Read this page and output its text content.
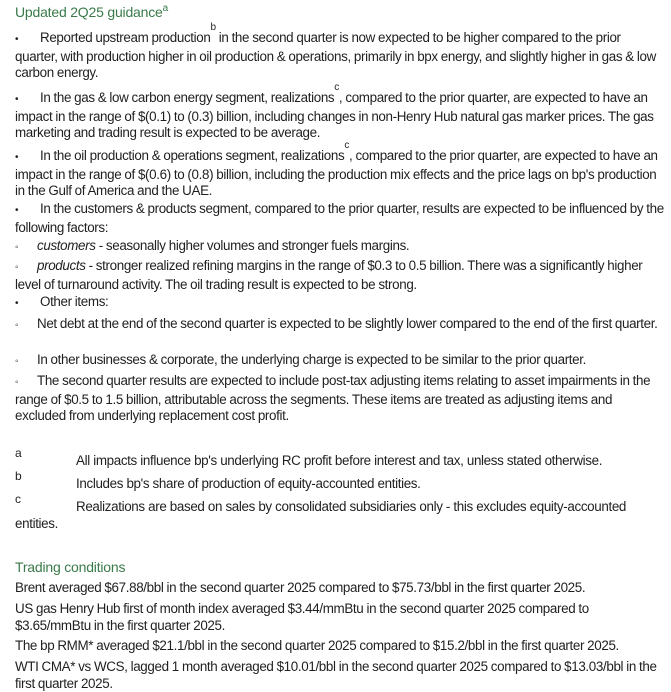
Updated 2Q25 guidance$^a$
• Reported upstream production$^b$ in the second quarter is now expected to be higher compared to the prior quarter, with production higher in oil production & operations, primarily in bpx energy, and slightly higher in gas & low carbon energy.
• In the gas & low carbon energy segment, realizations$^c$, compared to the prior quarter, are expected to have an impact in the range of $(0.1) to (0.3) billion, including changes in non-Henry Hub natural gas marker prices. The gas marketing and trading result is expected to be average.
• In the oil production & operations segment, realizations$^c$, compared to the prior quarter, are expected to have an impact in the range of $(0.6) to (0.8) billion, including the production mix effects and the price lags on bp's production in the Gulf of America and the UAE.
• In the customers & products segment, compared to the prior quarter, results are expected to be influenced by the following factors:
◦ customers - seasonally higher volumes and stronger fuels margins.
◦ products - stronger realized refining margins in the range of $0.3 to 0.5 billion. There was a significantly higher level of turnaround activity. The oil trading result is expected to be strong.
• Other items:
◦ Net debt at the end of the second quarter is expected to be slightly lower compared to the end of the first quarter.
◦ In other businesses & corporate, the underlying charge is expected to be similar to the prior quarter.
◦ The second quarter results are expected to include post-tax adjusting items relating to asset impairments in the range of $0.5 to 1.5 billion, attributable across the segments. These items are treated as adjusting items and excluded from underlying replacement cost profit.
a	All impacts influence bp's underlying RC profit before interest and tax, unless stated otherwise.
b	Includes bp's share of production of equity-accounted entities.
c	Realizations are based on sales by consolidated subsidiaries only - this excludes equity-accounted entities.
Trading conditions
Brent averaged $67.88/bbl in the second quarter 2025 compared to $75.73/bbl in the first quarter 2025.
US gas Henry Hub first of month index averaged $3.44/mmBtu in the second quarter 2025 compared to $3.65/mmBtu in the first quarter 2025.
The bp RMM* averaged $21.1/bbl in the second quarter 2025 compared to $15.2/bbl in the first quarter 2025.
WTI CMA* vs WCS, lagged 1 month averaged $10.01/bbl in the second quarter 2025 compared to $13.03/bbl in the first quarter 2025.
